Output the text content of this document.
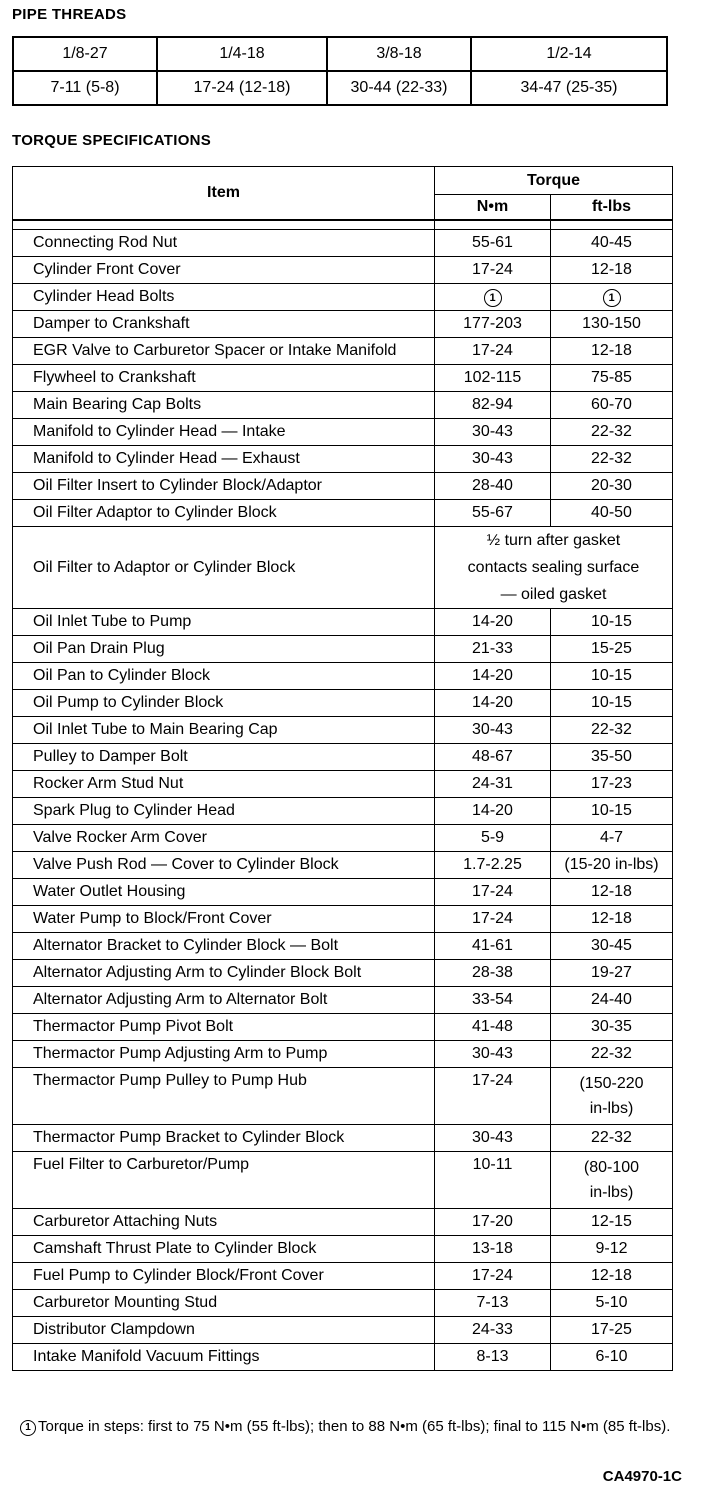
PIPE THREADS
1/8-27	1/4-18	3/8-18	1/2-14
7-11 (5-8)	17-24 (12-18)	30-44 (22-33)	34-47 (25-35)
TORQUE SPECIFICATIONS
Item	Torque	
	N•m	ft-lbs

Connecting Rod Nut	55-61	40-45
Cylinder Front Cover	17-24	12-18
Cylinder Head Bolts	1	1
Damper to Crankshaft	177-203	130-150
EGR Valve to Carburetor Spacer or Intake Manifold	17-24	12-18
Flywheel to Crankshaft	102-115	75-85
Main Bearing Cap Bolts	82-94	60-70
Manifold to Cylinder Head — Intake	30-43	22-32
Manifold to Cylinder Head — Exhaust	30-43	22-32
Oil Filter Insert to Cylinder Block/Adaptor	28-40	20-30
Oil Filter Adaptor to Cylinder Block	55-67	40-50
Oil Filter to Adaptor or Cylinder Block	½ turn after gasket
contacts sealing surface
— oiled gasket	

Oil Inlet Tube to Pump	14-20	10-15
Oil Pan Drain Plug	21-33	15-25
Oil Pan to Cylinder Block	14-20	10-15
Oil Pump to Cylinder Block	14-20	10-15
Oil Inlet Tube to Main Bearing Cap	30-43	22-32
Pulley to Damper Bolt	48-67	35-50
Rocker Arm Stud Nut	24-31	17-23
Spark Plug to Cylinder Head	14-20	10-15
Valve Rocker Arm Cover	5-9	4-7
Valve Push Rod — Cover to Cylinder Block	1.7-2.25	(15-20 in-lbs)
Water Outlet Housing	17-24	12-18
Water Pump to Block/Front Cover	17-24	12-18
Alternator Bracket to Cylinder Block — Bolt	41-61	30-45
Alternator Adjusting Arm to Cylinder Block Bolt	28-38	19-27
Alternator Adjusting Arm to Alternator Bolt	33-54	24-40
Thermactor Pump Pivot Bolt	41-48	30-35
Thermactor Pump Adjusting Arm to Pump	30-43	22-32
Thermactor Pump Pulley to Pump Hub	17-24	(150-220
in-lbs)

Thermactor Pump Bracket to Cylinder Block	30-43	22-32
Fuel Filter to Carburetor/Pump	10-11	(80-100
in-lbs)

Carburetor Attaching Nuts	17-20	12-15
Camshaft Thrust Plate to Cylinder Block	13-18	9-12
Fuel Pump to Cylinder Block/Front Cover	17-24	12-18
Carburetor Mounting Stud	7-13	5-10
Distributor Clampdown	24-33	17-25
Intake Manifold Vacuum Fittings	8-13	6-10
1 Torque in steps: first to 75 N•m (55 ft-lbs); then to 88 N•m (65 ft-lbs); final to 115 N•m (85 ft-lbs).
CA4970-1C
